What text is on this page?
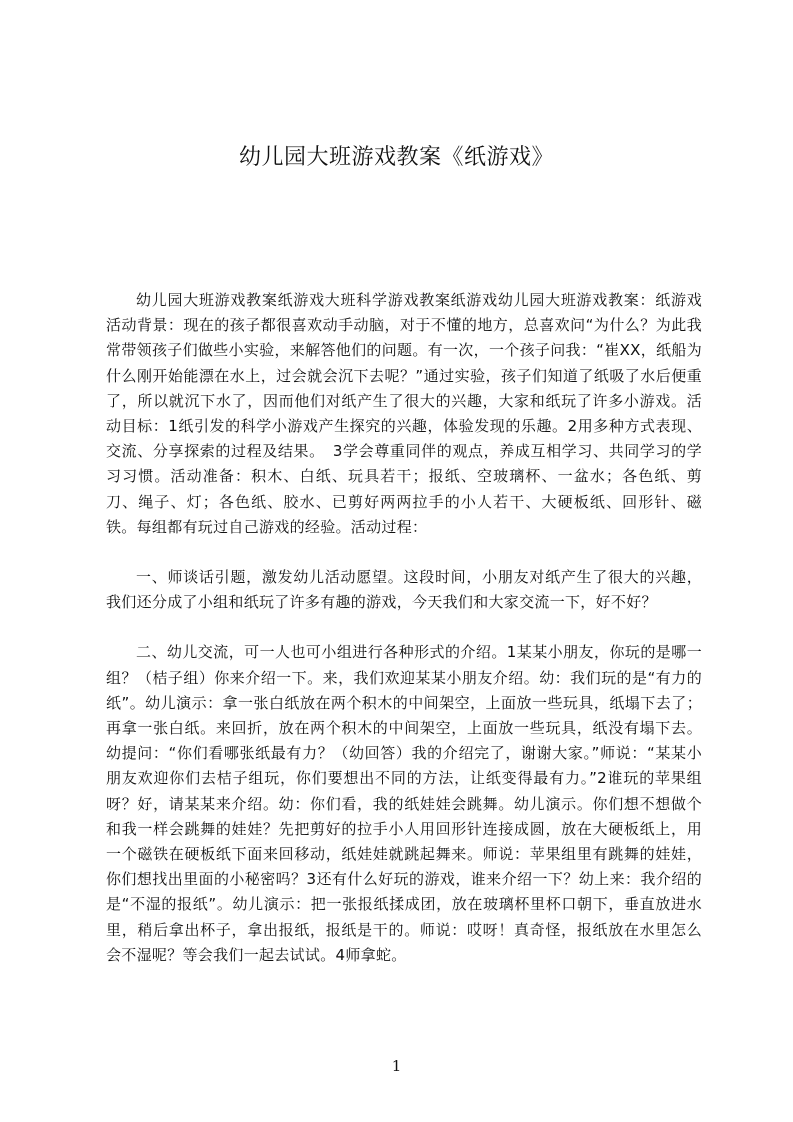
幼儿园大班游戏教案《纸游戏》

幼儿园大班游戏教案纸游戏大班科学游戏教案纸游戏幼儿园大班游戏教案：纸游戏活动背景：现在的孩子都很喜欢动手动脑，对于不懂的地方，总喜欢问“为什么？为此我常带领孩子们做些小实验，来解答他们的问题。有一次，一个孩子问我：“崔XX，纸船为什么刚开始能漂在水上，过会就会沉下去呢？”通过实验，孩子们知道了纸吸了水后便重了，所以就沉下水了，因而他们对纸产生了很大的兴趣，大家和纸玩了许多小游戏。活动目标：1纸引发的科学小游戏产生探究的兴趣，体验发现的乐趣。2用多种方式表现、交流、分享探索的过程及结果。　3学会尊重同伴的观点，养成互相学习、共同学习的学习习惯。活动准备：积木、白纸、玩具若干；报纸、空玻璃杯、一盆水；各色纸、剪刀、绳子、灯；各色纸、胶水、已剪好两两拉手的小人若干、大硬板纸、回形针、磁铁。每组都有玩过自己游戏的经验。活动过程：

一、师谈话引题，激发幼儿活动愿望。这段时间，小朋友对纸产生了很大的兴趣，我们还分成了小组和纸玩了许多有趣的游戏，今天我们和大家交流一下，好不好？

二、幼儿交流，可一人也可小组进行各种形式的介绍。1某某小朋友，你玩的是哪一组？（桔子组）你来介绍一下。来，我们欢迎某某小朋友介绍。幼：我们玩的是“有力的纸”。幼儿演示：拿一张白纸放在两个积木的中间架空，上面放一些玩具，纸塌下去了；再拿一张白纸。来回折，放在两个积木的中间架空，上面放一些玩具，纸没有塌下去。幼提问：“你们看哪张纸最有力？（幼回答）我的介绍完了，谢谢大家。”师说：“某某小朋友欢迎你们去桔子组玩，你们要想出不同的方法，让纸变得最有力。”2谁玩的苹果组呀？好，请某某来介绍。幼：你们看，我的纸娃娃会跳舞。幼儿演示。你们想不想做个和我一样会跳舞的娃娃？先把剪好的拉手小人用回形针连接成圆，放在大硬板纸上，用一个磁铁在硬板纸下面来回移动，纸娃娃就跳起舞来。师说：苹果组里有跳舞的娃娃，你们想找出里面的小秘密吗？3还有什么好玩的游戏，谁来介绍一下？幼上来：我介绍的是“不湿的报纸”。幼儿演示：把一张报纸揉成团，放在玻璃杯里杯口朝下，垂直放进水里，稍后拿出杯子，拿出报纸，报纸是干的。师说：哎呀！真奇怪，报纸放在水里怎么会不湿呢？等会我们一起去试试。4师拿蛇。

1
